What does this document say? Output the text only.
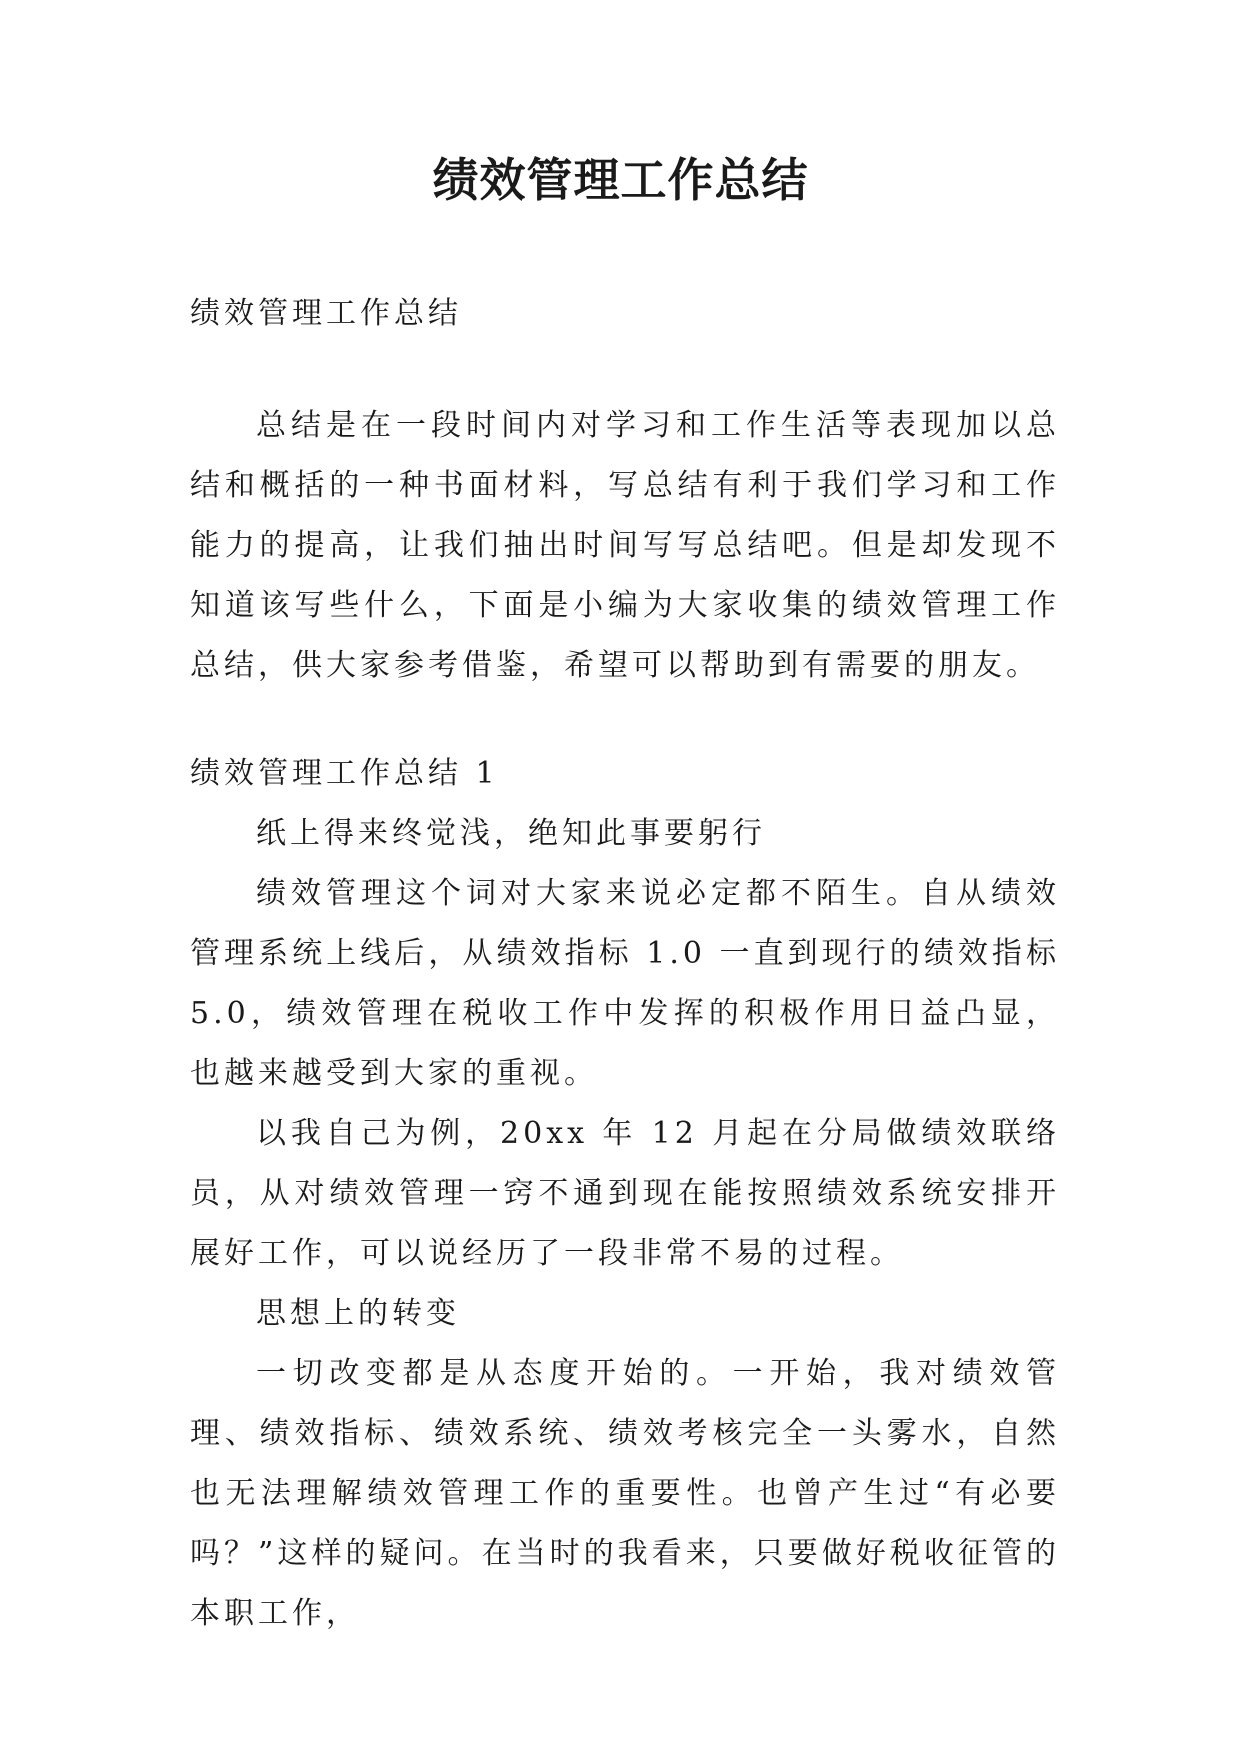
绩效管理工作总结

绩效管理工作总结

总结是在一段时间内对学习和工作生活等表现加以总结和概括的一种书面材料，写总结有利于我们学习和工作能力的提高，让我们抽出时间写写总结吧。但是却发现不知道该写些什么，下面是小编为大家收集的绩效管理工作总结，供大家参考借鉴，希望可以帮助到有需要的朋友。

绩效管理工作总结 1

纸上得来终觉浅，绝知此事要躬行

绩效管理这个词对大家来说必定都不陌生。自从绩效管理系统上线后，从绩效指标 1.0 一直到现行的绩效指标 5.0，绩效管理在税收工作中发挥的积极作用日益凸显，也越来越受到大家的重视。

以我自己为例，20xx 年 12 月起在分局做绩效联络员，从对绩效管理一窍不通到现在能按照绩效系统安排开展好工作，可以说经历了一段非常不易的过程。

思想上的转变

一切改变都是从态度开始的。一开始，我对绩效管理、绩效指标、绩效系统、绩效考核完全一头雾水，自然也无法理解绩效管理工作的重要性。也曾产生过“有必要吗？”这样的疑问。在当时的我看来，只要做好税收征管的本职工作，
